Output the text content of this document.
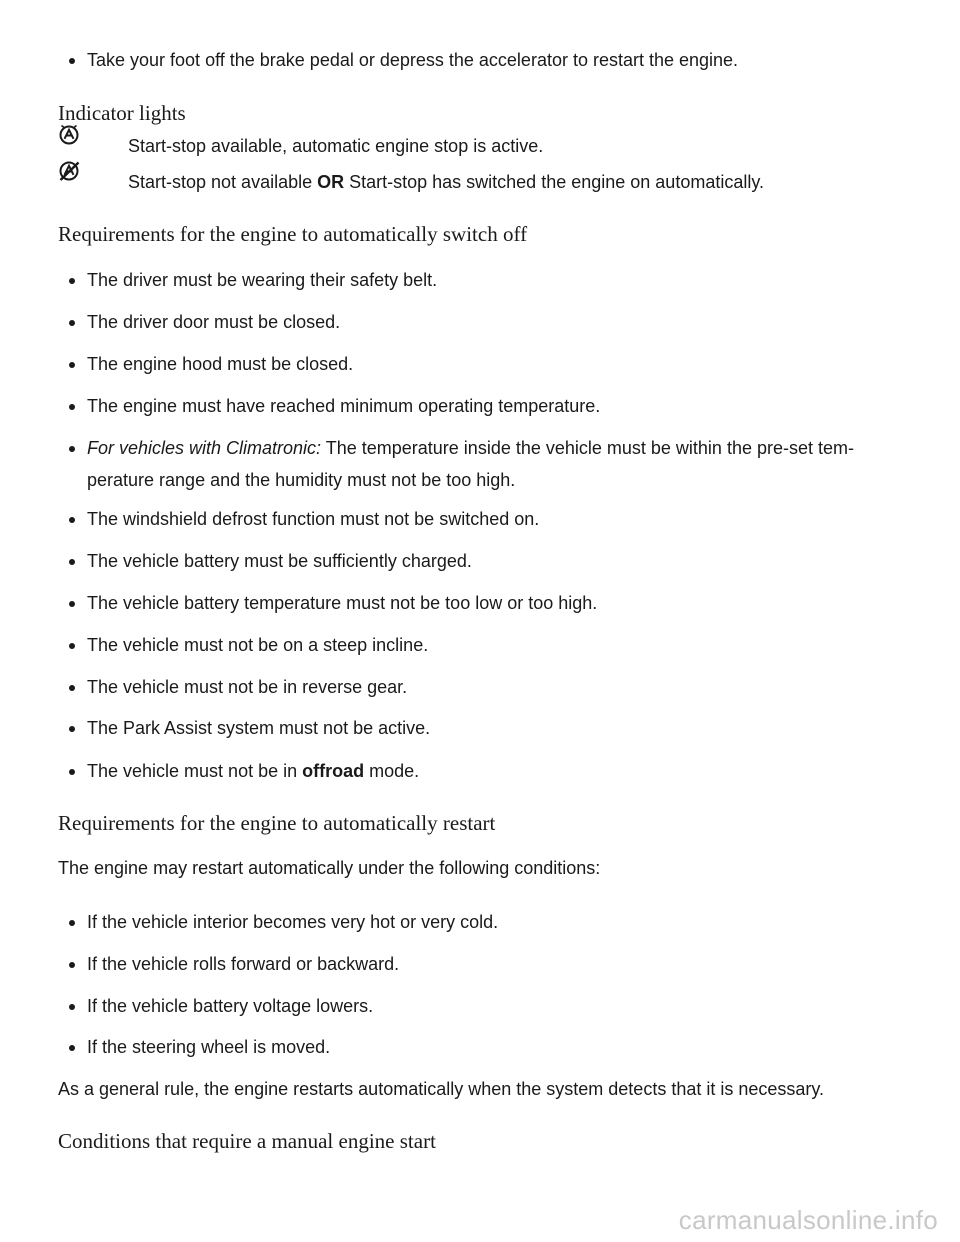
Take your foot off the brake pedal or depress the accelerator to restart the engine.
Indicator lights
Start-stop available, automatic engine stop is active.
Start-stop not available OR Start-stop has switched the engine on automatically.
Requirements for the engine to automatically switch off
The driver must be wearing their safety belt.
The driver door must be closed.
The engine hood must be closed.
The engine must have reached minimum operating temperature.
For vehicles with Climatronic: The temperature inside the vehicle must be within the pre-set tem-
perature range and the humidity must not be too high.
The windshield defrost function must not be switched on.
The vehicle battery must be sufficiently charged.
The vehicle battery temperature must not be too low or too high.
The vehicle must not be on a steep incline.
The vehicle must not be in reverse gear.
The Park Assist system must not be active.
The vehicle must not be in offroad mode.
Requirements for the engine to automatically restart
The engine may restart automatically under the following conditions:
If the vehicle interior becomes very hot or very cold.
If the vehicle rolls forward or backward.
If the vehicle battery voltage lowers.
If the steering wheel is moved.
As a general rule, the engine restarts automatically when the system detects that it is necessary.
Conditions that require a manual engine start
carmanualsonline.info
